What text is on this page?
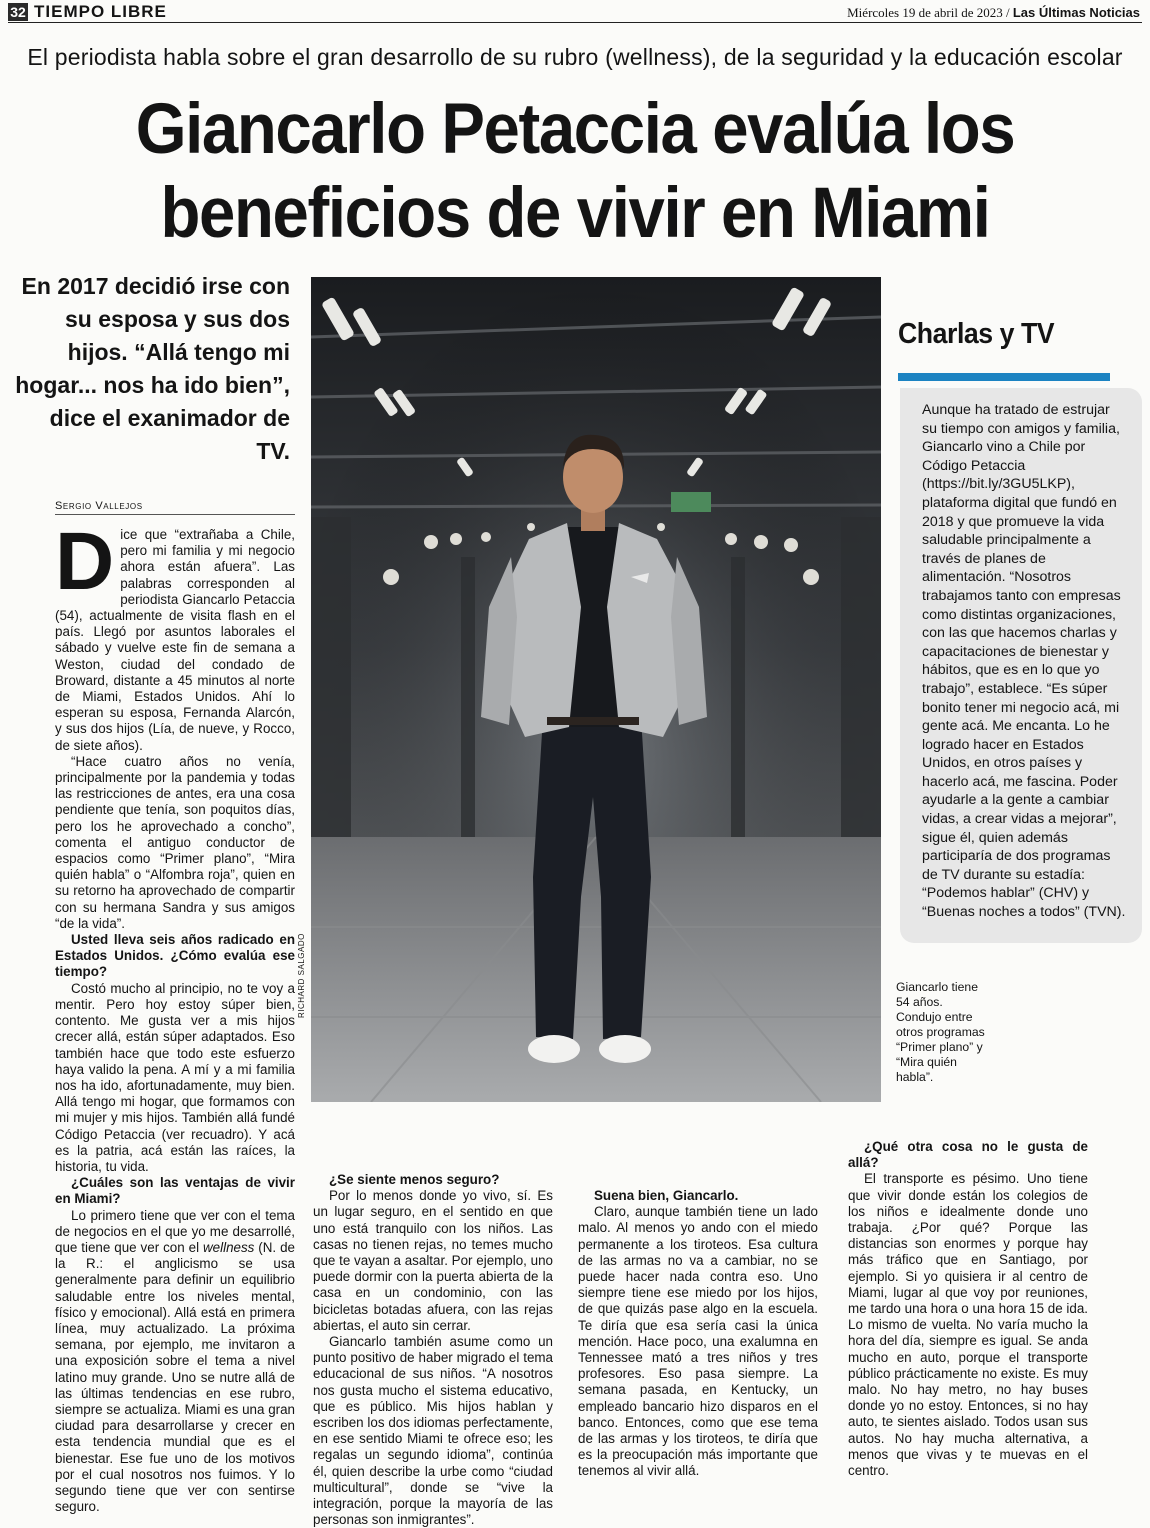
32 TIEMPO LIBRE	Miércoles 19 de abril de 2023 / Las Últimas Noticias
El periodista habla sobre el gran desarrollo de su rubro (wellness), de la seguridad y la educación escolar
Giancarlo Petaccia evalúa los
beneficios de vivir en Miami
En 2017 decidió irse con su esposa y sus dos hijos. “Allá tengo mi hogar... nos ha ido bien”, dice el exanimador de TV.
Sergio Vallejos

Dice que “extrañaba a Chile, pero mi familia y mi negocio ahora están afuera”. Las palabras corresponden al periodista Giancarlo Petaccia (54), actualmente de visita flash en el país. Llegó por asuntos laborales el sábado y vuelve este fin de semana a Weston, ciudad del condado de Broward, distante a 45 minutos al norte de Miami, Estados Unidos. Ahí lo esperan su esposa, Fernanda Alarcón, y sus dos hijos (Lía, de nueve, y Rocco, de siete años).

“Hace cuatro años no venía, principalmente por la pandemia y todas las restricciones de antes, era una cosa pendiente que tenía, son poquitos días, pero los he aprovechado a concho”, comenta el antiguo conductor de espacios como “Primer plano”, “Mira quién habla” o “Alfombra roja”, quien en su retorno ha aprovechado de compartir con su hermana Sandra y sus amigos “de la vida”.

Usted lleva seis años radicado en Estados Unidos. ¿Cómo evalúa ese tiempo?

Costó mucho al principio, no te voy a mentir. Pero hoy estoy súper bien, contento. Me gusta ver a mis hijos crecer allá, están súper adaptados. Eso también hace que todo este esfuerzo haya valido la pena. A mí y a mi familia nos ha ido, afortunadamente, muy bien. Allá tengo mi hogar, que formamos con mi mujer y mis hijos. También allá fundé Código Petaccia (ver recuadro). Y acá es la patria, acá están las raíces, la historia, tu vida.

¿Cuáles son las ventajas de vivir en Miami?

Lo primero tiene que ver con el tema de negocios en el que yo me desarrollé, que tiene que ver con el wellness (N. de la R.: el anglicismo se usa generalmente para definir un equilibrio saludable entre los niveles mental, físico y emocional). Allá está en primera línea, muy actualizado. La próxima semana, por ejemplo, me invitaron a una exposición sobre el tema a nivel latino muy grande. Uno se nutre allá de las últimas tendencias en ese rubro, siempre se actualiza. Miami es una gran ciudad para desarrollarse y crecer en esta tendencia mundial que es el bienestar. Ese fue uno de los motivos por el cual nosotros nos fuimos. Y lo segundo tiene que ver con sentirse seguro.

¿Se siente menos seguro?

Por lo menos donde yo vivo, sí. Es un lugar seguro, en el sentido en que uno está tranquilo con los niños. Las casas no tienen rejas, no temes mucho que te vayan a asaltar. Por ejemplo, uno puede dormir con la puerta abierta de la casa en un condominio, con las bicicletas botadas afuera, con las rejas abiertas, el auto sin cerrar.

Giancarlo también asume como un punto positivo de haber migrado el tema educacional de sus niños. “A nosotros nos gusta mucho el sistema educativo, que es público. Mis hijos hablan y escriben los dos idiomas perfectamente, en ese sentido Miami te ofrece eso; les regalas un segundo idioma”, continúa él, quien describe la urbe como “ciudad multicultural”, donde se “vive la integración, porque la mayoría de las personas son inmigrantes”.

Suena bien, Giancarlo.

Claro, aunque también tiene un lado malo. Al menos yo ando con el miedo permanente a los tiroteos. Esa cultura de las armas no va a cambiar, no se puede hacer nada contra eso. Uno siempre tiene ese miedo por los hijos, de que quizás pase algo en la escuela. Te diría que esa sería casi la única mención. Hace poco, una exalumna en Tennessee mató a tres niños y tres profesores. Eso pasa siempre. La semana pasada, en Kentucky, un empleado bancario hizo disparos en el banco. Entonces, como que ese tema de las armas y los tiroteos, te diría que es la preocupación más importante que tenemos al vivir allá.

¿Qué otra cosa no le gusta de allá?

El transporte es pésimo. Uno tiene que vivir donde están los colegios de los niños e idealmente donde uno trabaja. ¿Por qué? Porque las distancias son enormes y porque hay más tráfico que en Santiago, por ejemplo. Si yo quisiera ir al centro de Miami, lugar al que voy por reuniones, me tardo una hora o una hora 15 de ida. Lo mismo de vuelta. No varía mucho la hora del día, siempre es igual. Se anda mucho en auto, porque el transporte público prácticamente no existe. Es muy malo. No hay metro, no hay buses donde yo no estoy. Entonces, si no hay auto, te sientes aislado. Todos usan sus autos. No hay mucha alternativa, a menos que vivas y te muevas en el centro.

RICHARD SALGADO
Charlas y TV
Aunque ha tratado de estrujar su tiempo con amigos y familia, Giancarlo vino a Chile por Código Petaccia (https://bit.ly/3GU5LKP), plataforma digital que fundó en 2018 y que promueve la vida saludable principalmente a través de planes de alimentación. “Nosotros trabajamos tanto con empresas como distintas organizaciones, con las que hacemos charlas y capacitaciones de bienestar y hábitos, que es en lo que yo trabajo”, establece. “Es súper bonito tener mi negocio acá, mi gente acá. Me encanta. Lo he logrado hacer en Estados Unidos, en otros países y hacerlo acá, me fascina. Poder ayudarle a la gente a cambiar vidas, a crear vidas a mejorar”, sigue él, quien además participaría de dos programas de TV durante su estadía: “Podemos hablar” (CHV) y “Buenas noches a todos” (TVN).
Giancarlo tiene 54 años. Condujo entre otros programas “Primer plano” y “Mira quién habla”.
